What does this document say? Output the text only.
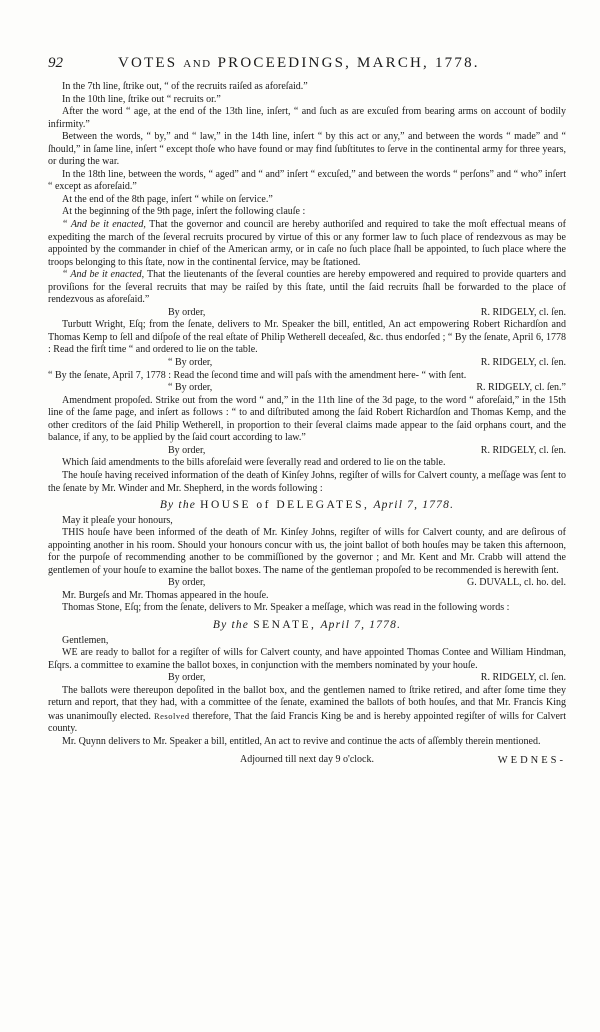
92	VOTES AND PROCEEDINGS, MARCH, 1778.

In the 7th line, ſtrike out, “ of the recruits raiſed as aforeſaid.”

In the 10th line, ſtrike out “ recruits or.”

After the word “ age, at the end of the 13th line, inſert, “ and ſuch as are excuſed from bearing arms on account of bodily infirmity.”

Between the words, “ by,” and “ law,” in the 14th line, inſert “ by this act or any,” and between the words “ made” and “ ſhould,” in ſame line, inſert “ except thoſe who have found or may find ſubſtitutes to ſerve in the continental army for three years, or during the war.

In the 18th line, between the words, “ aged” and “ and” inſert “ excuſed,” and between the words “ perſons” and “ who” inſert “ except as aforeſaid.”

At the end of the 8th page, inſert “ while on ſervice.”

At the beginning of the 9th page, inſert the following clauſe :

“ And be it enacted, That the governor and council are hereby authoriſed and required to take the moſt effectual means of expediting the march of the ſeveral recruits procured by virtue of this or any former law to ſuch place of rendezvous as may be appointed by the commander in chief of the American army, or in caſe no ſuch place ſhall be appointed, to ſuch place where the troops belonging to this ſtate, now in the continental ſervice, may be ſtationed.

“ And be it enacted, That the lieutenants of the ſeveral counties are hereby empowered and required to provide quarters and proviſions for the ſeveral recruits that may be raiſed by this ſtate, until the ſaid recruits ſhall be forwarded to the place of rendezvous as aforeſaid.”

By order,	R. RIDGELY, cl. ſen.

Turbutt Wright, Eſq; from the ſenate, delivers to Mr. Speaker the bill, entitled, An act empowering Robert Richardſon and Thomas Kemp to ſell and diſpoſe of the real eſtate of Philip Wetherell deceaſed, &c. thus endorſed ; “ By the ſenate, April 6, 1778 : Read the firſt time “ and ordered to lie on the table.

“ By order,	R. RIDGELY, cl. ſen.

“ By the ſenate, April 7, 1778 : Read the ſecond time and will paſs with the amendment here- “ with ſent.

“ By order,	R. RIDGELY, cl. ſen.”

Amendment propoſed. Strike out from the word “ and,” in the 11th line of the 3d page, to the word “ aforeſaid,” in the 15th line of the ſame page, and inſert as follows : “ to and diſtributed among the ſaid Robert Richardſon and Thomas Kemp, and the other creditors of the ſaid Philip Wetherell, in proportion to their ſeveral claims made appear to the ſaid orphans court, and the balance, if any, to be applied by the ſaid court according to law.”

By order,	R. RIDGELY, cl. ſen.

Which ſaid amendments to the bills aforeſaid were ſeverally read and ordered to lie on the table.

The houſe having received information of the death of Kinſey Johns, regiſter of wills for Calvert county, a meſſage was ſent to the ſenate by Mr. Winder and Mr. Shepherd, in the words following :

By the HOUSE of DELEGATES, April 7, 1778.

May it pleaſe your honours,

THIS houſe have been informed of the death of Mr. Kinſey Johns, regiſter of wills for Calvert county, and are deſirous of appointing another in his room. Should your honours concur with us, the joint ballot of both houſes may be taken this afternoon, for the purpoſe of recommending another to be commiſſioned by the governor ; and Mr. Kent and Mr. Crabb will attend the gentlemen of your houſe to examine the ballot boxes. The name of the gentleman propoſed to be recommended is herewith ſent.

By order,	G. DUVALL, cl. ho. del.

Mr. Burgeſs and Mr. Thomas appeared in the houſe.

Thomas Stone, Eſq; from the ſenate, delivers to Mr. Speaker a meſſage, which was read in the following words :

By the SENATE, April 7, 1778.

Gentlemen,

WE are ready to ballot for a regiſter of wills for Calvert county, and have appointed Thomas Contee and William Hindman, Eſqrs. a committee to examine the ballot boxes, in conjunction with the members nominated by your houſe.

By order,	R. RIDGELY, cl. ſen.

The ballots were thereupon depoſited in the ballot box, and the gentlemen named to ſtrike retired, and after ſome time they return and report, that they had, with a committee of the ſenate, examined the ballots of both houſes, and that Mr. Francis King was unanimouſly elected. Resolved therefore, That the ſaid Francis King be and is hereby appointed regiſter of wills for Calvert county.

Mr. Quynn delivers to Mr. Speaker a bill, entitled, An act to revive and continue the acts of aſſembly therein mentioned.

Adjourned till next day 9 o'clock.	WEDNES-
